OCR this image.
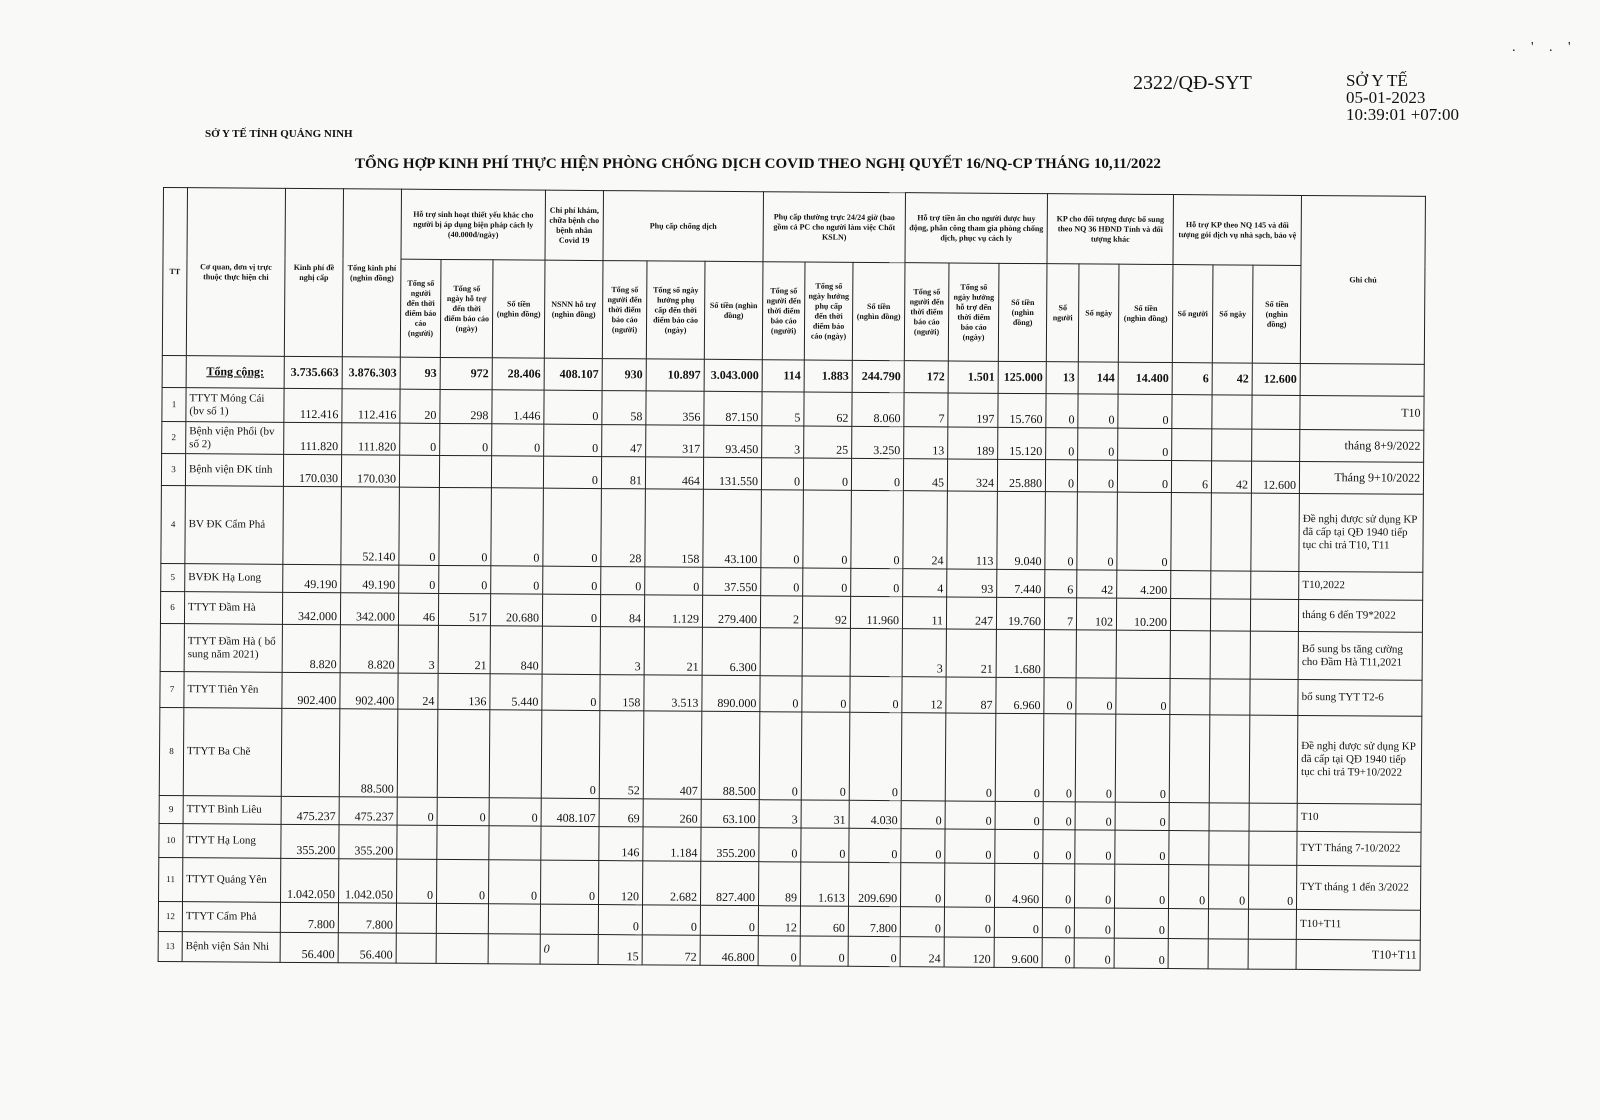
. ' . '
2322/QĐ-SYT	SỞ Y TẾ
05-01-2023
10:39:01 +07:00
SỞ Y TẾ TỈNH QUẢNG NINH
TỔNG HỢP KINH PHÍ THỰC HIỆN PHÒNG CHỐNG DỊCH COVID THEO NGHỊ QUYẾT 16/NQ-CP THÁNG 10,11/2022
TT	Cơ quan, đơn vị trực thuộc thực hiện chi	Kinh phí đề nghị cấp	Tổng kinh phí (nghìn đồng)	Hỗ trợ sinh hoạt thiết yếu khác cho người bị áp dụng biện pháp cách ly (40.000đ/ngày)			Chi phí khám, chữa bệnh cho bệnh nhân Covid 19	Phụ cấp chống dịch			Phụ cấp thường trực 24/24 giờ (bao gồm cả PC cho người làm việc Chốt KSLN)			Hỗ trợ tiền ăn cho người được huy động, phân công tham gia phòng chống dịch, phục vụ cách ly			KP cho đối tượng được bổ sung theo NQ 36 HĐND Tỉnh và đối tượng khác			Hỗ trợ KP theo NQ 145 và đối tượng gói dịch vụ nhà sạch, bảo vệ			Ghi chú
				Tổng số người đến thời điểm báo cáo (người)	Tổng số ngày hỗ trợ đến thời điểm báo cáo (ngày)	Số tiền (nghìn đồng)	NSNN hỗ trợ (nghìn đồng)	Tổng số người đến thời điểm báo cáo (người)	Tổng số ngày hưởng phụ cấp đến thời điểm báo cáo (ngày)	Số tiền (nghìn đồng)	Tổng số người đến thời điểm báo cáo (người)	Tổng số ngày hưởng phụ cấp đến thời điểm báo cáo (ngày)	Số tiền (nghìn đồng)	Tổng số người đến thời điểm báo cáo (người)	Tổng số ngày hưởng hỗ trợ đến thời điểm báo cáo (ngày)	Số tiền (nghìn đồng)	Số người	Số ngày	Số tiền (nghìn đồng)	Số người	Số ngày	Số tiền (nghìn đồng)	
	Tổng cộng:	3.735.663	3.876.303	93	972	28.406	408.107	930	10.897	3.043.000	114	1.883	244.790	172	1.501	125.000	13	144	14.400	6	42	12.600	
1	TTYT Móng Cái (bv số 1)	112.416	112.416	20	298	1.446	0	58	356	87.150	5	62	8.060	7	197	15.760	0	0	0				T10
2	Bệnh viện Phổi (bv số 2)	111.820	111.820	0	0	0	0	47	317	93.450	3	25	3.250	13	189	15.120	0	0	0				tháng 8+9/2022
3	Bệnh viện ĐK tỉnh	170.030	170.030				0	81	464	131.550	0	0	0	45	324	25.880	0	0	0	6	42	12.600	Tháng 9+10/2022
4	BV ĐK Cẩm Phả		52.140	0	0	0	0	28	158	43.100	0	0	0	24	113	9.040	0	0	0				Đề nghị được sử dụng KP đã cấp tại QĐ 1940 tiếp tục chi trả T10, T11
5	BVĐK Hạ Long	49.190	49.190	0	0	0	0	0	0	37.550	0	0	0	4	93	7.440	6	42	4.200				T10,2022
6	TTYT Đầm Hà	342.000	342.000	46	517	20.680	0	84	1.129	279.400	2	92	11.960	11	247	19.760	7	102	10.200				tháng 6 đến T9*2022
	TTYT Đầm Hà ( bổ sung năm 2021)	8.820	8.820	3	21	840		3	21	6.300				3	21	1.680							Bổ sung bs tăng cường cho Đầm Hà T11,2021
7	TTYT Tiên Yên	902.400	902.400	24	136	5.440	0	158	3.513	890.000	0	0	0	12	87	6.960	0	0	0				bổ sung TYT T2-6
8	TTYT Ba Chẽ		88.500				0	52	407	88.500	0	0	0		0	0	0	0	0				Đề nghị được sử dụng KP đã cấp tại QĐ 1940 tiếp tục chi trả T9+10/2022
9	TTYT Bình Liêu	475.237	475.237	0	0	0	408.107	69	260	63.100	3	31	4.030	0	0	0	0	0	0				T10
10	TTYT Hạ Long	355.200	355.200					146	1.184	355.200	0	0	0	0	0	0	0	0	0				TYT Tháng 7-10/2022
11	TTYT Quảng Yên	1.042.050	1.042.050	0	0	0	0	120	2.682	827.400	89	1.613	209.690	0	0	4.960	0	0	0	0	0	0	TYT tháng 1 đến 3/2022
12	TTYT Cẩm Phả	7.800	7.800					0	0	0	12	60	7.800	0	0	0	0	0	0				T10+T11
13	Bệnh viện Sản Nhi	56.400	56.400				0	15	72	46.800	0	0	0	24	120	9.600	0	0	0				T10+T11
